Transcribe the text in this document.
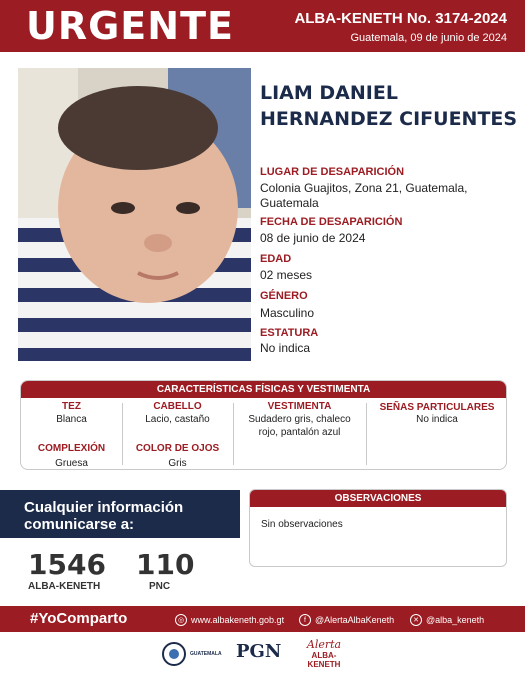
URGENTE	ALBA-KENETH No. 3174-2024
Guatemala, 09 de junio de 2024
LIAM DANIEL
HERNANDEZ CIFUENTES
LUGAR DE DESAPARICIÓN
Colonia Guajitos, Zona 21, Guatemala,
Guatemala
FECHA DE DESAPARICIÓN
08 de junio de 2024
EDAD
02 meses
GÉNERO
Masculino
ESTATURA
No indica
CARACTERÍSTICAS FÍSICAS Y VESTIMENTA
TEZ
Blanca
CABELLO
Lacio, castaño
VESTIMENTA
Sudadero gris, chaleco
rojo, pantalón azul
SEÑAS PARTICULARES
No indica
COMPLEXIÓN
Gruesa
COLOR DE OJOS
Gris
Cualquier información
comunicarse a:
1546
ALBA-KENETH
110
PNC
OBSERVACIONES
Sin observaciones
#YoComparto	◎ www.albakeneth.gob.gt	f	@AlertaAlbaKeneth	✕ @alba_keneth
GUATEMALA PGN	Alerta
ALBA-KENETH
